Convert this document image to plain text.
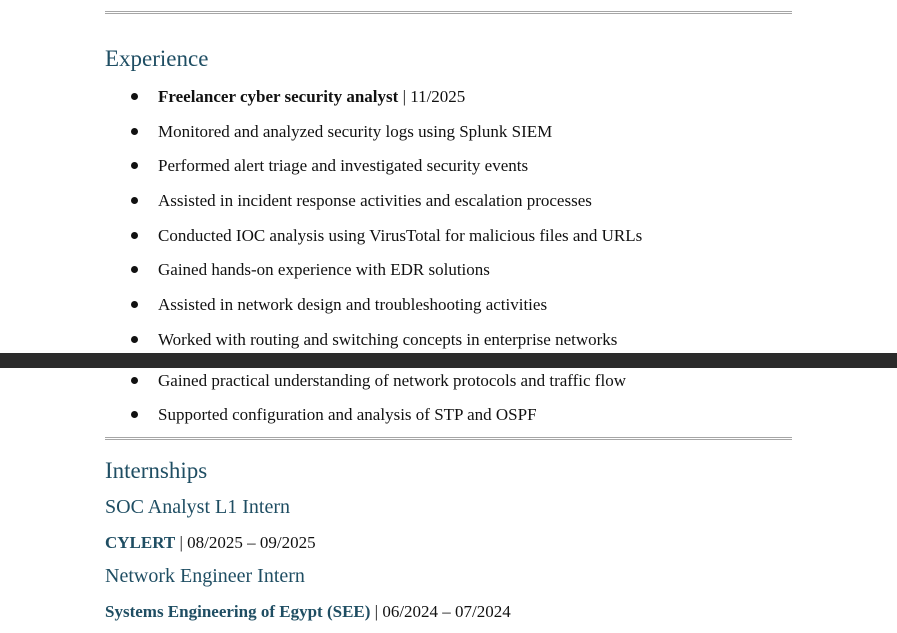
Experience
Freelancer cyber security analyst | 11/2025
Monitored and analyzed security logs using Splunk SIEM
Performed alert triage and investigated security events
Assisted in incident response activities and escalation processes
Conducted IOC analysis using VirusTotal for malicious files and URLs
Gained hands-on experience with EDR solutions
Assisted in network design and troubleshooting activities
Worked with routing and switching concepts in enterprise networks
Gained practical understanding of network protocols and traffic flow
Supported configuration and analysis of STP and OSPF
Internships
SOC Analyst L1 Intern
CYLERT | 08/2025 – 09/2025
Network Engineer Intern
Systems Engineering of Egypt (SEE) | 06/2024 – 07/2024
